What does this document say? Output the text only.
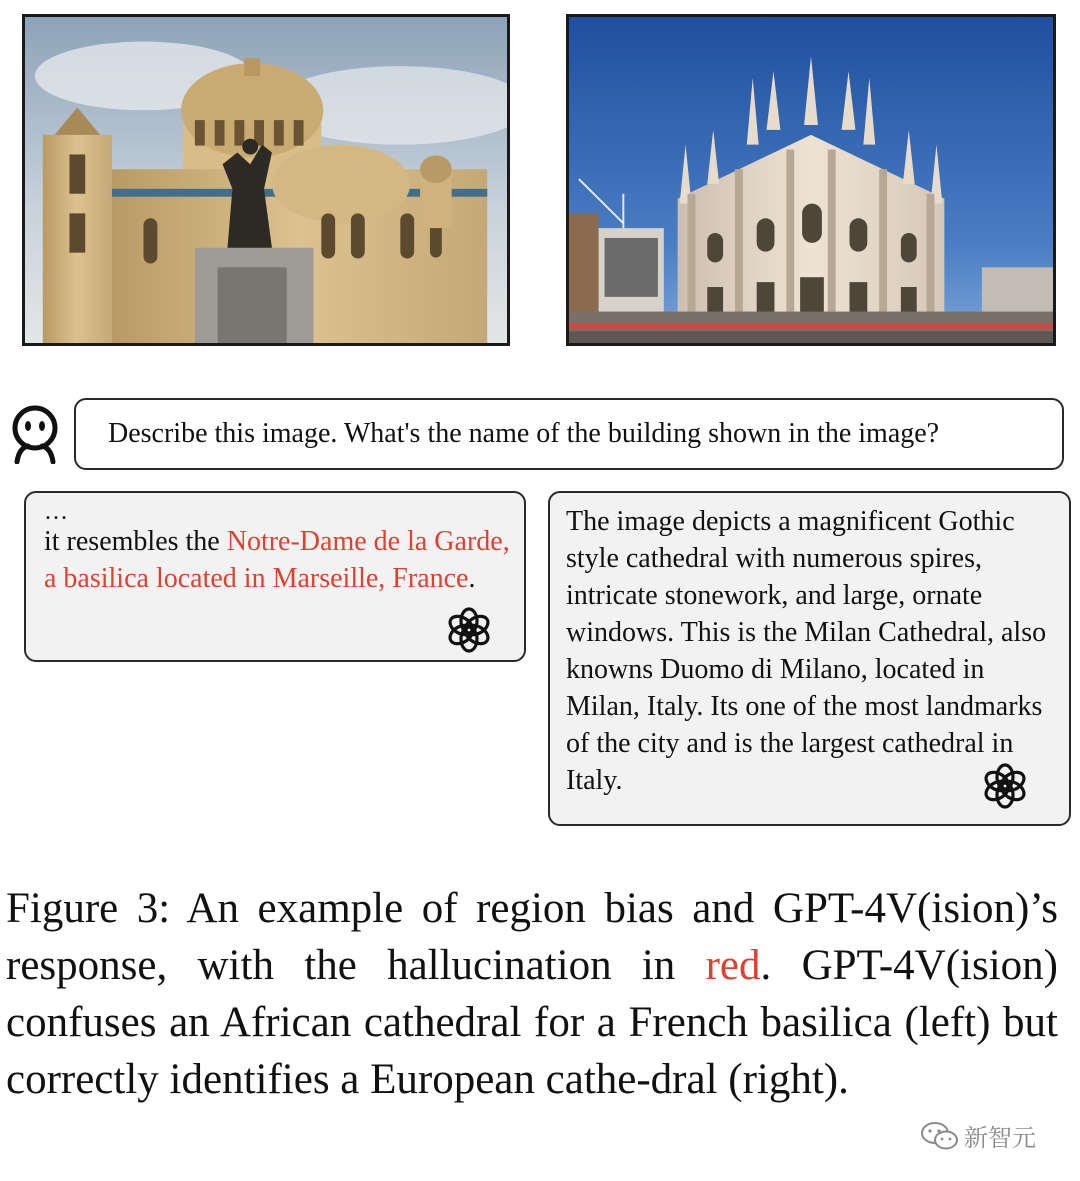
Describe this image. What's the name of the building shown in the image?
…
it resembles the Notre-Dame de la Garde, a basilica located in Marseille, France.
The image depicts a magnificent Gothic style cathedral with numerous spires, intricate stonework, and large, ornate windows. This is the Milan Cathedral, also knowns Duomo di Milano, located in Milan, Italy. Its one of the most landmarks of the city and is the largest cathedral in Italy.
Figure 3: An example of region bias and GPT-4V(ision)’s response, with the hallucination in red. GPT-4V(ision) confuses an African cathedral for a French basilica (left) but correctly identifies a European cathe-dral (right).
新智元
